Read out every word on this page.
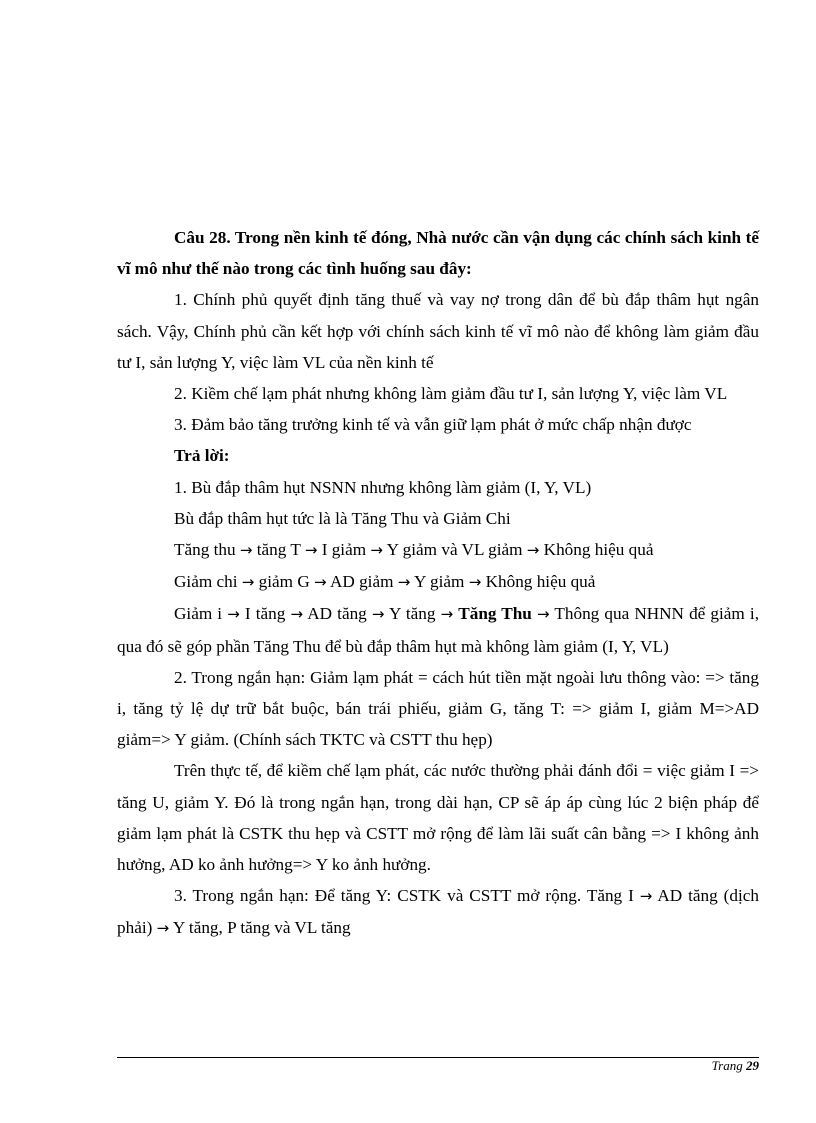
Câu 28. Trong nền kinh tế đóng, Nhà nước cần vận dụng các chính sách kinh tế vĩ mô như thế nào trong các tình huống sau đây:

1. Chính phủ quyết định tăng thuế và vay nợ trong dân để bù đắp thâm hụt ngân sách. Vậy, Chính phủ cần kết hợp với chính sách kinh tế vĩ mô nào để không làm giảm đầu tư I, sản lượng Y, việc làm VL của nền kinh tế

2. Kiềm chế lạm phát nhưng không làm giảm đầu tư I, sản lượng Y, việc làm VL

3. Đảm bảo tăng trưởng kinh tế và vẫn giữ lạm phát ở mức chấp nhận được

Trả lời:

1. Bù đắp thâm hụt NSNN nhưng không làm giảm (I, Y, VL)

Bù đắp thâm hụt tức là là Tăng Thu và Giảm Chi

Tăng thu → tăng T → I giảm → Y giảm và VL giảm → Không hiệu quả

Giảm chi → giảm G → AD giảm → Y giảm → Không hiệu quả

Giảm i → I tăng → AD tăng → Y tăng → Tăng Thu → Thông qua NHNN để giảm i, qua đó sẽ góp phần Tăng Thu để bù đắp thâm hụt mà không làm giảm (I, Y, VL)

2. Trong ngắn hạn: Giảm lạm phát = cách hút tiền mặt ngoài lưu thông vào: => tăng i, tăng tỷ lệ dự trữ bắt buộc, bán trái phiếu, giảm G, tăng T: => giảm I, giảm M=>AD giảm=> Y giảm. (Chính sách TKTC và CSTT thu hẹp)

Trên thực tế, để kiềm chế lạm phát, các nước thường phải đánh đổi = việc giảm I => tăng U, giảm Y. Đó là trong ngắn hạn, trong dài hạn, CP sẽ áp áp cùng lúc 2 biện pháp để giảm lạm phát là CSTK thu hẹp và CSTT mở rộng để làm lãi suất cân bằng => I không ảnh hưởng, AD ko ảnh hưởng=> Y ko ảnh hưởng.

3. Trong ngắn hạn: Để tăng Y: CSTK và CSTT mở rộng. Tăng I → AD tăng (dịch phải) → Y tăng, P tăng và VL tăng

Trang 29
